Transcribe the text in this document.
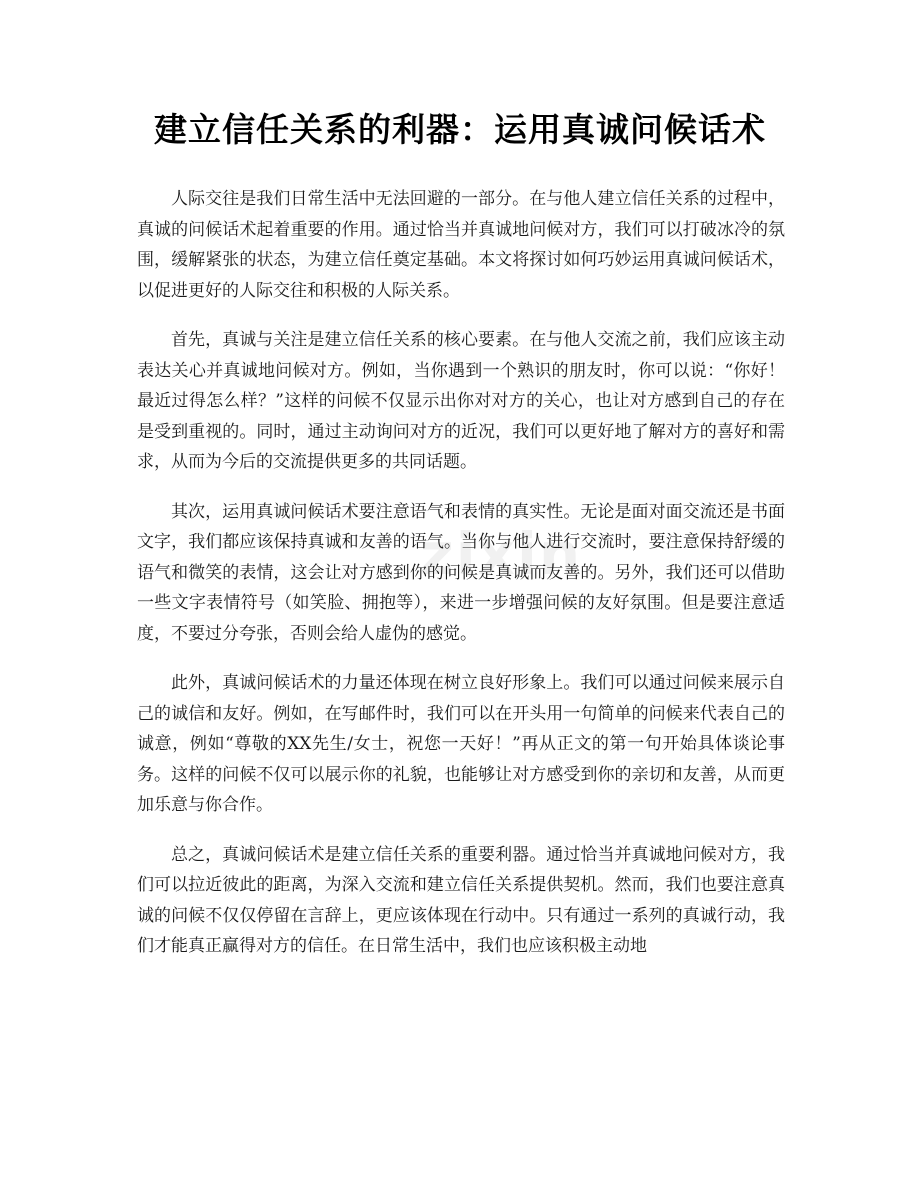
建立信任关系的利器：运用真诚问候话术
zixin

人际交往是我们日常生活中无法回避的一部分。在与他人建立信任关系的过程中，真诚的问候话术起着重要的作用。通过恰当并真诚地问候对方，我们可以打破冰冷的氛围，缓解紧张的状态，为建立信任奠定基础。本文将探讨如何巧妙运用真诚问候话术，以促进更好的人际交往和积极的人际关系。

首先，真诚与关注是建立信任关系的核心要素。在与他人交流之前，我们应该主动表达关心并真诚地问候对方。例如，当你遇到一个熟识的朋友时，你可以说：“你好！最近过得怎么样？”这样的问候不仅显示出你对对方的关心，也让对方感到自己的存在是受到重视的。同时，通过主动询问对方的近况，我们可以更好地了解对方的喜好和需求，从而为今后的交流提供更多的共同话题。

其次，运用真诚问候话术要注意语气和表情的真实性。无论是面对面交流还是书面文字，我们都应该保持真诚和友善的语气。当你与他人进行交流时，要注意保持舒缓的语气和微笑的表情，这会让对方感到你的问候是真诚而友善的。另外，我们还可以借助一些文字表情符号（如笑脸、拥抱等），来进一步增强问候的友好氛围。但是要注意适度，不要过分夸张，否则会给人虚伪的感觉。

此外，真诚问候话术的力量还体现在树立良好形象上。我们可以通过问候来展示自己的诚信和友好。例如，在写邮件时，我们可以在开头用一句简单的问候来代表自己的诚意，例如“尊敬的XX先生/女士，祝您一天好！”再从正文的第一句开始具体谈论事务。这样的问候不仅可以展示你的礼貌，也能够让对方感受到你的亲切和友善，从而更加乐意与你合作。

总之，真诚问候话术是建立信任关系的重要利器。通过恰当并真诚地问候对方，我们可以拉近彼此的距离，为深入交流和建立信任关系提供契机。然而，我们也要注意真诚的问候不仅仅停留在言辞上，更应该体现在行动中。只有通过一系列的真诚行动，我们才能真正赢得对方的信任。在日常生活中，我们也应该积极主动地
